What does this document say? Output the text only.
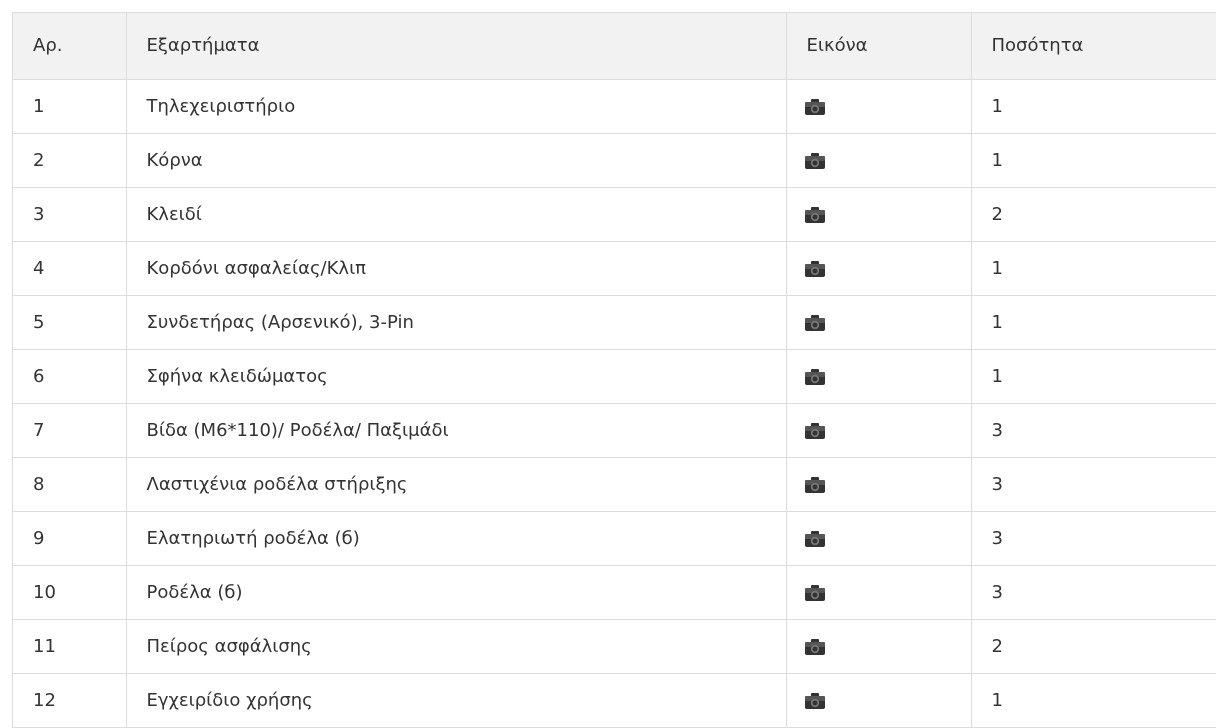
Αρ.	Εξαρτήματα	Εικόνα	Ποσότητα
1	Τηλεχειριστήριο		1
2	Κόρνα		1
3	Κλειδί		2
4	Κορδόνι ασφαλείας/Κλιπ		1
5	Συνδετήρας (Αρσενικό), 3-Pin		1
6	Σφήνα κλειδώματος		1
7	Βίδα (M6*110)/ Ροδέλα/ Παξιμάδι		3
8	Λαστιχένια ροδέλα στήριξης		3
9	Ελατηριωτή ροδέλα (б)		3
10	Ροδέλα (б)		3
11	Πείρος ασφάλισης		2
12	Εγχειρίδιο χρήσης		1
